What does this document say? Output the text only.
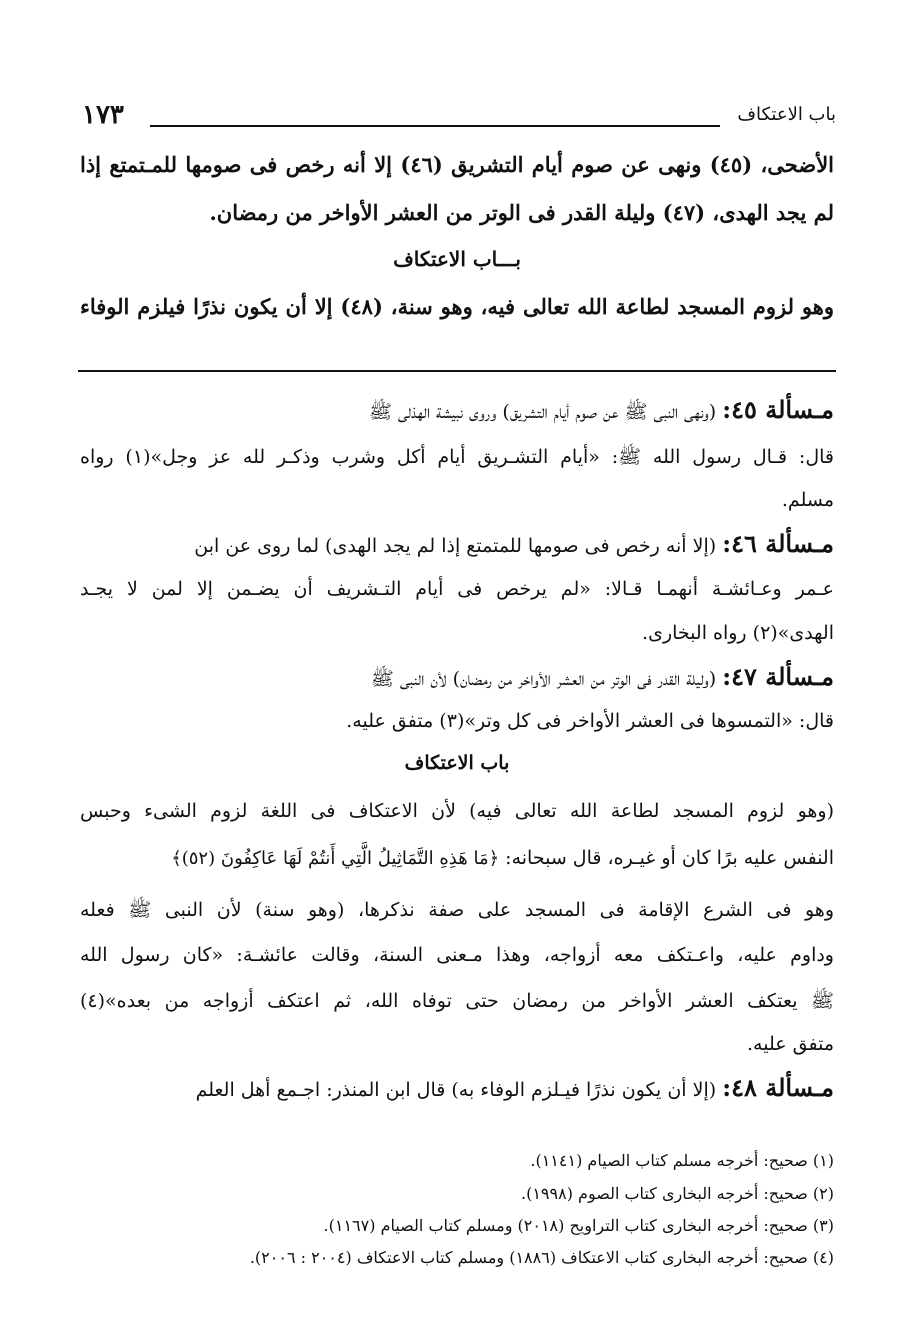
باب الاعتكاف
١٧٣
الأضحى، (٤٥) ونهى عن صوم أيام التشريق (٤٦) إلا أنه رخص فى صومها للمـتمتع إذا
لم يجد الهدى، (٤٧) وليلة القدر فى الوتر من العشر الأواخر من رمضان.
بـــاب الاعتكاف
وهو لزوم المسجد لطاعة الله تعالى فيه، وهو سنة، (٤٨) إلا أن يكون نذرًا فيلزم الوفاء
مـسألة ٤٥: (ونهى النبى ﷺ عن صوم أيام التشريق) وروى نبيشة الهذلى ﷺ
قال: قـال رسول الله ﷺ: «أيام التشـريق أيام أكل وشرب وذكـر لله عز وجل»(١) رواه
مسلم.
مـسألة ٤٦: (إلا أنه رخص فى صومها للمتمتع إذا لم يجد الهدى) لما روى عن ابن
عـمر وعـائشـة أنهمـا قـالا: «لم يرخص فى أيام التـشريف أن يضـمن إلا لمن لا يجـد
الهدى»(٢) رواه البخارى.
مـسألة ٤٧: (وليلة القدر فى الوتر من العشر الأواخر من رمضان) لأن النبى ﷺ
قال: «التمسوها فى العشر الأواخر فى كل وتر»(٣) متفق عليه.
باب الاعتكاف
(وهو لزوم المسجد لطاعة الله تعالى فيه) لأن الاعتكاف فى اللغة لزوم الشىء وحبس
النفس عليه برًا كان أو غيـره، قال سبحانه: ﴿مَا هَذِهِ التَّمَاثِيلُ الَّتِي أَنتُمْ لَهَا عَاكِفُونَ (٥٢)﴾
وهو فى الشرع الإقامة فى المسجد على صفة نذكرها، (وهو سنة) لأن النبى ﷺ فعله
وداوم عليه، واعـتكف معه أزواجه، وهذا مـعنى السنة، وقالت عائشـة: «كان رسول الله
ﷺ يعتكف العشر الأواخر من رمضان حتى توفاه الله، ثم اعتكف أزواجه من بعده»(٤)
متفق عليه.
مـسألة ٤٨: (إلا أن يكون نذرًا فيـلزم الوفاء به) قال ابن المنذر: اجـمع أهل العلم
(١) صحيح: أخرجه مسلم كتاب الصيام (١١٤١).
(٢) صحيح: أخرجه البخارى كتاب الصوم (١٩٩٨).
(٣) صحيح: أخرجه البخارى كتاب التراويح (٢٠١٨) ومسلم كتاب الصيام (١١٦٧).
(٤) صحيح: أخرجه البخارى كتاب الاعتكاف (١٨٨٦) ومسلم كتاب الاعتكاف (٢٠٠٤ : ٢٠٠٦).
